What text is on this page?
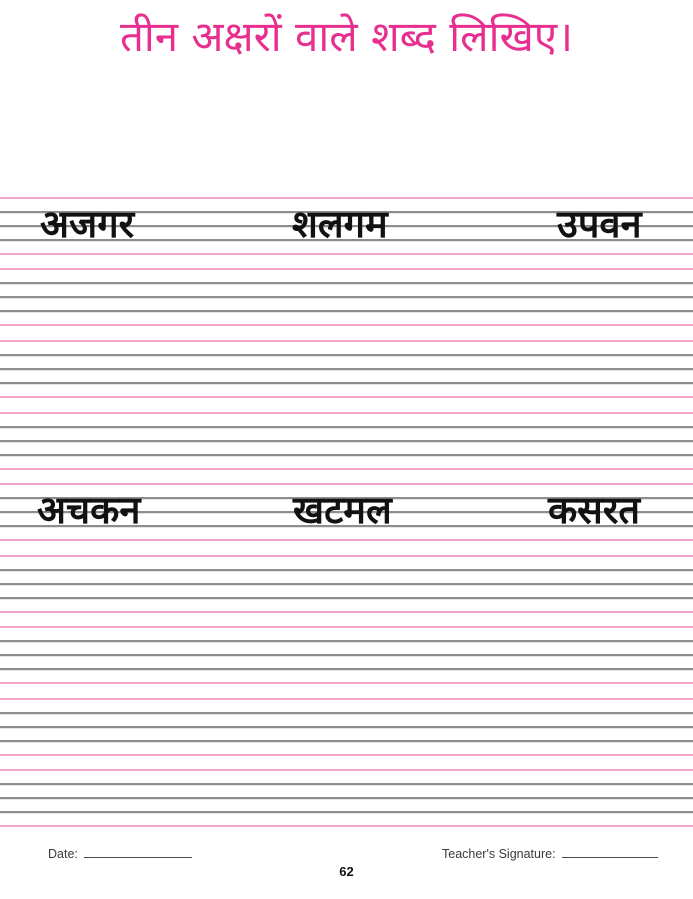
तीन अक्षरों वाले शब्द लिखिए।
अजगर	शलगम	उपवन
अचकन	खटमल	कसरत
Date:	Teacher's Signature:
62
